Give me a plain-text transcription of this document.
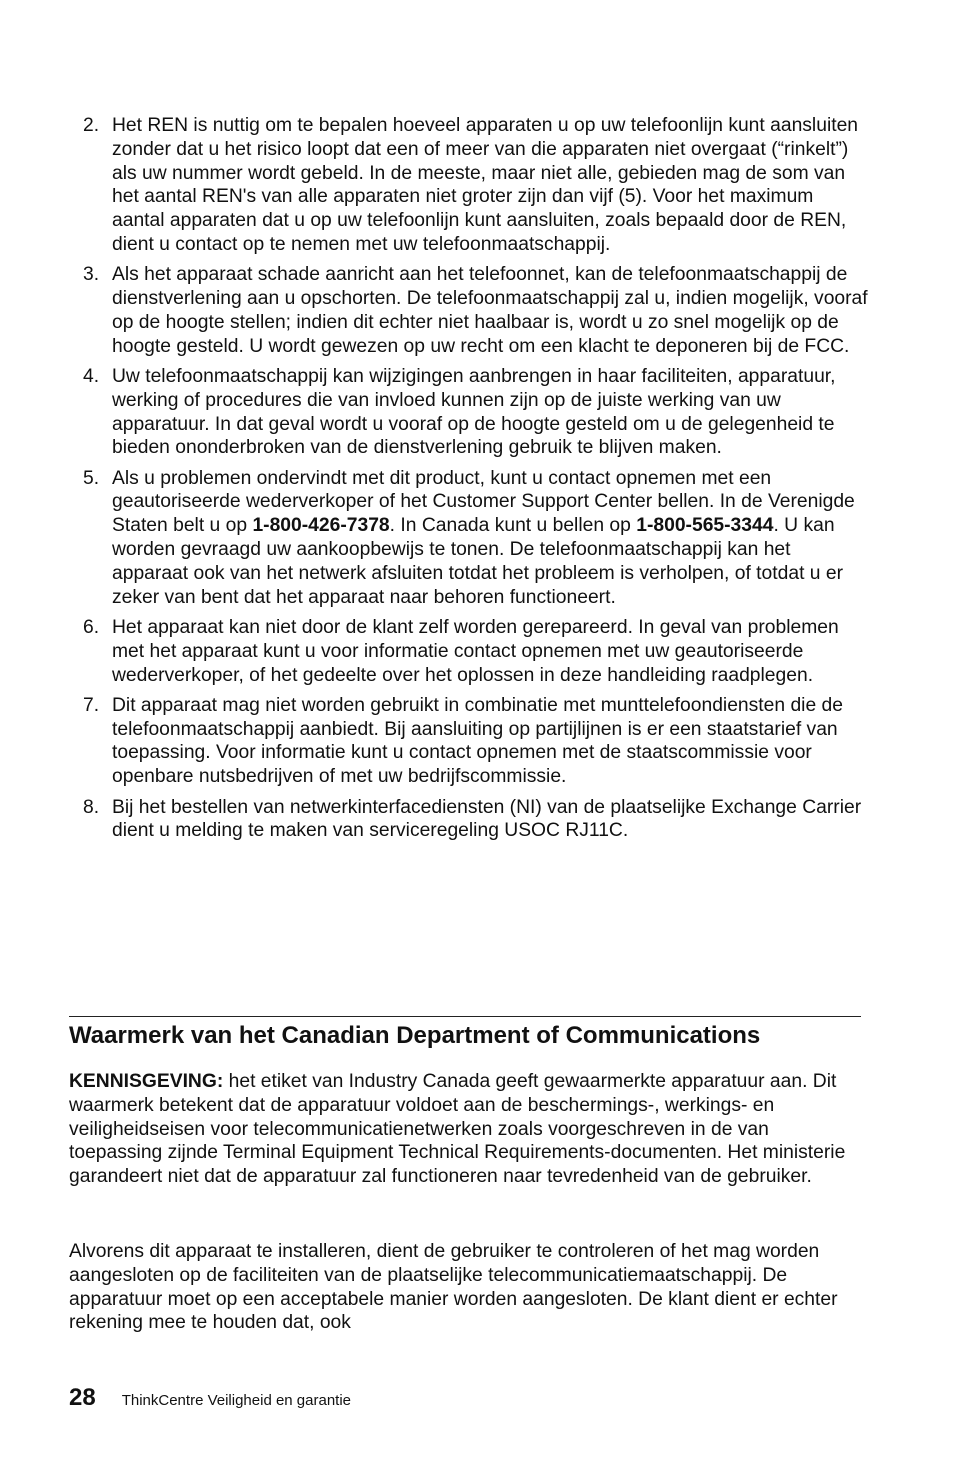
2. Het REN is nuttig om te bepalen hoeveel apparaten u op uw telefoonlijn kunt aansluiten zonder dat u het risico loopt dat een of meer van die apparaten niet overgaat (“rinkelt”) als uw nummer wordt gebeld. In de meeste, maar niet alle, gebieden mag de som van het aantal REN's van alle apparaten niet groter zijn dan vijf (5). Voor het maximum aantal apparaten dat u op uw telefoonlijn kunt aansluiten, zoals bepaald door de REN, dient u contact op te nemen met uw telefoonmaatschappij.
3. Als het apparaat schade aanricht aan het telefoonnet, kan de telefoonmaatschappij de dienstverlening aan u opschorten. De telefoonmaatschappij zal u, indien mogelijk, vooraf op de hoogte stellen; indien dit echter niet haalbaar is, wordt u zo snel mogelijk op de hoogte gesteld. U wordt gewezen op uw recht om een klacht te deponeren bij de FCC.
4. Uw telefoonmaatschappij kan wijzigingen aanbrengen in haar faciliteiten, apparatuur, werking of procedures die van invloed kunnen zijn op de juiste werking van uw apparatuur. In dat geval wordt u vooraf op de hoogte gesteld om u de gelegenheid te bieden ononderbroken van de dienstverlening gebruik te blijven maken.
5. Als u problemen ondervindt met dit product, kunt u contact opnemen met een geautoriseerde wederverkoper of het Customer Support Center bellen. In de Verenigde Staten belt u op 1-800-426-7378. In Canada kunt u bellen op 1-800-565-3344. U kan worden gevraagd uw aankoopbewijs te tonen. De telefoonmaatschappij kan het apparaat ook van het netwerk afsluiten totdat het probleem is verholpen, of totdat u er zeker van bent dat het apparaat naar behoren functioneert.
6. Het apparaat kan niet door de klant zelf worden gerepareerd. In geval van problemen met het apparaat kunt u voor informatie contact opnemen met uw geautoriseerde wederverkoper, of het gedeelte over het oplossen in deze handleiding raadplegen.
7. Dit apparaat mag niet worden gebruikt in combinatie met munttelefoondiensten die de telefoonmaatschappij aanbiedt. Bij aansluiting op partijlijnen is er een staatstarief van toepassing. Voor informatie kunt u contact opnemen met de staatscommissie voor openbare nutsbedrijven of met uw bedrijfscommissie.
8. Bij het bestellen van netwerkinterfacediensten (NI) van de plaatselijke Exchange Carrier dient u melding te maken van serviceregeling USOC RJ11C.
Waarmerk van het Canadian Department of Communications

KENNISGEVING: het etiket van Industry Canada geeft gewaarmerkte apparatuur aan. Dit waarmerk betekent dat de apparatuur voldoet aan de beschermings-, werkings- en veiligheidseisen voor telecommunicatienetwerken zoals voorgeschreven in de van toepassing zijnde Terminal Equipment Technical Requirements-documenten. Het ministerie garandeert niet dat de apparatuur zal functioneren naar tevredenheid van de gebruiker.

Alvorens dit apparaat te installeren, dient de gebruiker te controleren of het mag worden aangesloten op de faciliteiten van de plaatselijke telecommunicatiemaatschappij. De apparatuur moet op een acceptabele manier worden aangesloten. De klant dient er echter rekening mee te houden dat, ook

28 ThinkCentre Veiligheid en garantie
